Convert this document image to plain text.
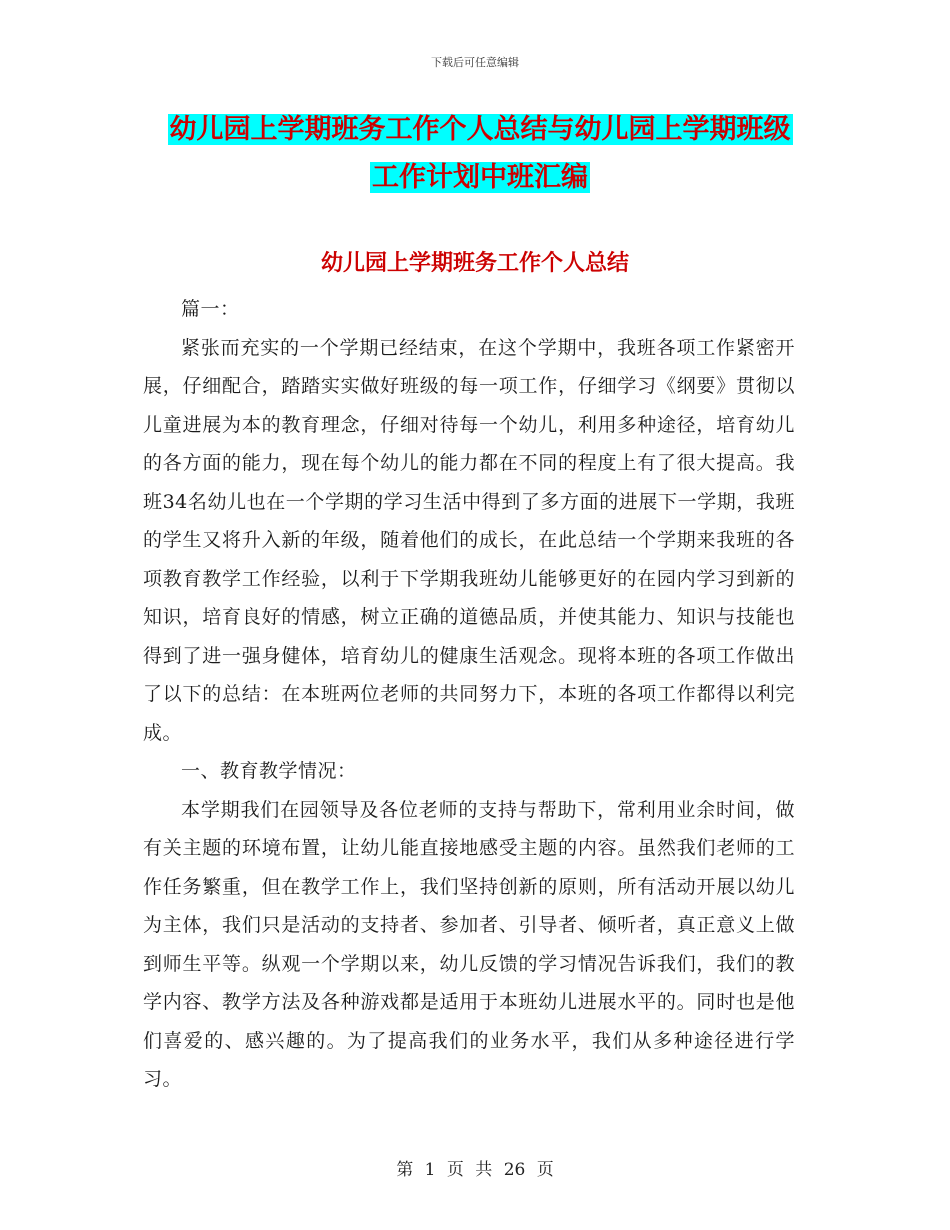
下载后可任意编辑
幼儿园上学期班务工作个人总结与幼儿园上学期班级
工作计划中班汇编
幼儿园上学期班务工作个人总结

篇一：

紧张而充实的一个学期已经结束，在这个学期中，我班各项工作紧密开展，仔细配合，踏踏实实做好班级的每一项工作，仔细学习《纲要》贯彻以儿童进展为本的教育理念，仔细对待每一个幼儿，利用多种途径，培育幼儿的各方面的能力，现在每个幼儿的能力都在不同的程度上有了很大提高。我班34名幼儿也在一个学期的学习生活中得到了多方面的进展下一学期，我班的学生又将升入新的年级，随着他们的成长，在此总结一个学期来我班的各项教育教学工作经验，以利于下学期我班幼儿能够更好的在园内学习到新的知识，培育良好的情感，树立正确的道德品质，并使其能力、知识与技能也得到了进一强身健体，培育幼儿的健康生活观念。现将本班的各项工作做出了以下的总结：在本班两位老师的共同努力下，本班的各项工作都得以利完成。

一、教育教学情况：

本学期我们在园领导及各位老师的支持与帮助下，常利用业余时间，做有关主题的环境布置，让幼儿能直接地感受主题的内容。虽然我们老师的工作任务繁重，但在教学工作上，我们坚持创新的原则，所有活动开展以幼儿为主体，我们只是活动的支持者、参加者、引导者、倾听者，真正意义上做到师生平等。纵观一个学期以来，幼儿反馈的学习情况告诉我们，我们的教学内容、教学方法及各种游戏都是适用于本班幼儿进展水平的。同时也是他们喜爱的、感兴趣的。为了提高我们的业务水平，我们从多种途径进行学习。

第 1 页 共 26 页
